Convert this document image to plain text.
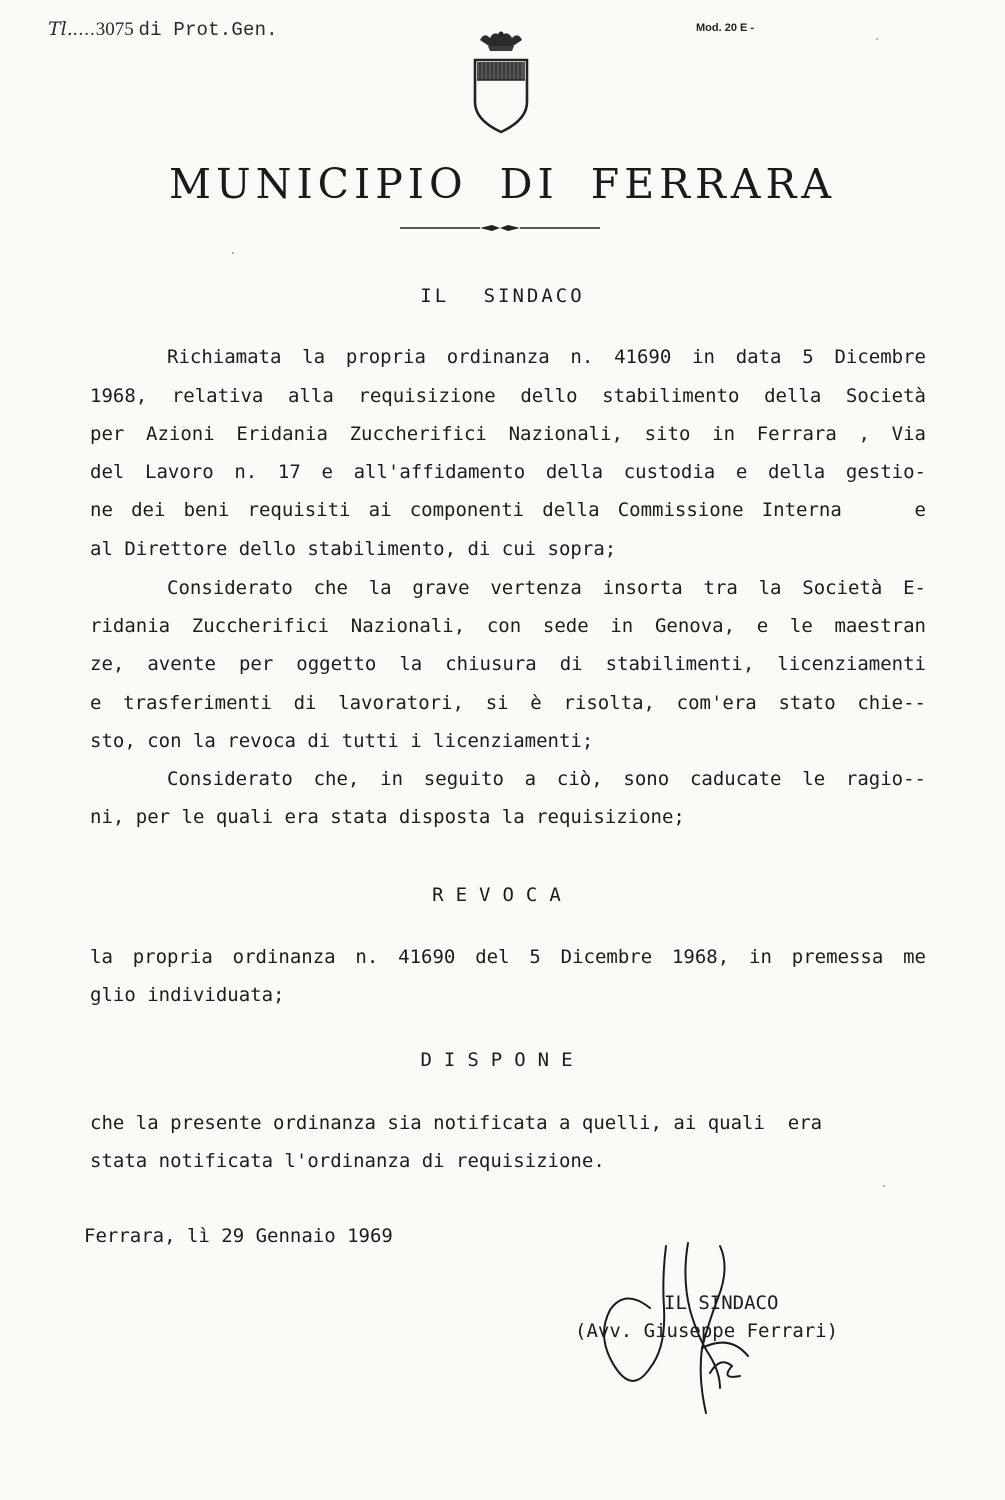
Tl.....3075 di Prot.Gen.	Mod. 20 E -
MUNICIPIO DI FERRARA
IL SINDACO
Richiamata la propria ordinanza n. 41690 in data 5 Dicembre
1968, relativa alla requisizione dello stabilimento della Società
per Azioni Eridania Zuccherifici Nazionali, sito in Ferrara , Via
del Lavoro n. 17 e all'affidamento della custodia e della gestio-
ne dei beni requisiti ai componenti della Commissione Interna    e
al Direttore dello stabilimento, di cui sopra;
Considerato che la grave vertenza insorta tra la Società E-
ridania Zuccherifici Nazionali, con sede in Genova, e le maestran
ze, avente per oggetto la chiusura di stabilimenti, licenziamenti
e trasferimenti di lavoratori, si è risolta, com'era stato chie--
sto, con la revoca di tutti i licenziamenti;
Considerato che, in seguito a ciò, sono caducate le ragio--
ni, per le quali era stata disposta la requisizione;
REVOCA
la propria ordinanza n. 41690 del 5 Dicembre 1968, in premessa me
glio individuata;
DISPONE
che la presente ordinanza sia notificata a quelli, ai quali  era
stata notificata l'ordinanza di requisizione.
Ferrara, lì 29 Gennaio 1969
IL SINDACO
(Avv. Giuseppe Ferrari)
